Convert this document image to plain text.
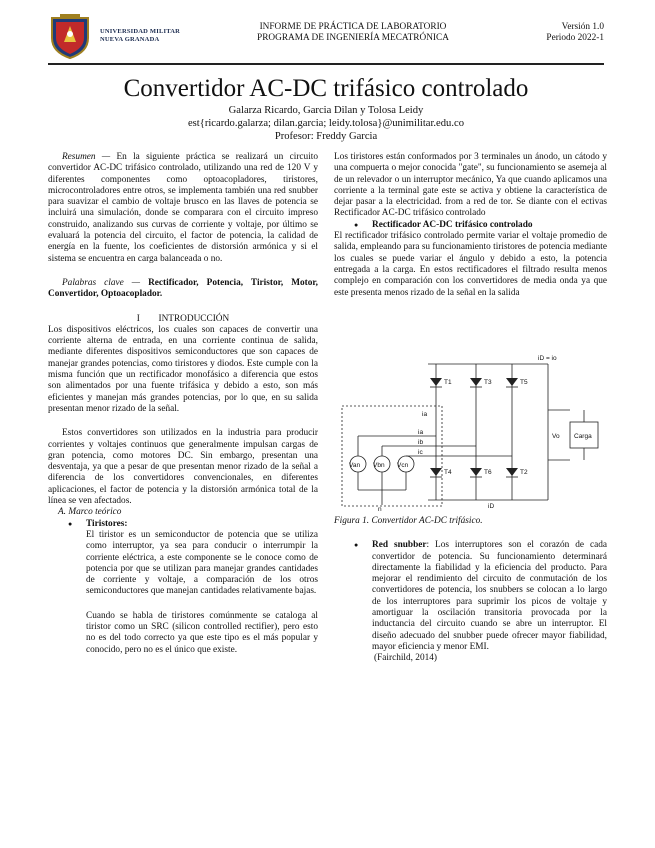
UNIVERSIDAD MILITAR
NUEVA GRANADA
INFORME DE PRÁCTICA DE LABORATORIO
PROGRAMA DE INGENIERÍA MECATRÓNICA
Versión 1.0
Periodo 2022-1
Convertidor AC-DC trifásico controlado
Galarza Ricardo, Garcia Dilan y Tolosa Leidy
est{ricardo.galarza; dilan.garcia; leidy.tolosa}@unimilitar.edu.co
Profesor: Freddy Garcia

Resumen — En la siguiente práctica se realizará un circuito convertidor AC-DC trifásico controlado, utilizando una red de 120 V y diferentes componentes como optoacopladores, tiristores, microcontroladores entre otros, se implementa también una red snubber para suavizar el cambio de voltaje brusco en las llaves de potencia se incluirá una simulación, donde se comparara con el circuito impreso construido, analizando sus curvas de corriente y voltaje, por último se evaluará la potencia del circuito, el factor de potencia, la calidad de energía en la fuente, los coeficientes de distorsión armónica y si el sistema se encuentra en carga balanceada o no.

Palabras clave — Rectificador, Potencia, Tiristor, Motor, Convertidor, Optoacoplador.

I INTRODUCCIÓN

Los dispositivos eléctricos, los cuales son capaces de convertir una corriente alterna de entrada, en una corriente continua de salida, mediante diferentes dispositivos semiconductores que son capaces de manejar grandes potencias, como tiristores y diodos. Este cumple con la misma función que un rectificador monofásico a diferencia que estos son alimentados por una fuente trifásica y debido a esto, son más eficientes y manejan más grandes potencias, por lo que, en su salida presentan menor rizado de la señal.

Estos convertidores son utilizados en la industria para producir corrientes y voltajes continuos que generalmente impulsan cargas de gran potencia, como motores DC. Sin embargo, presentan una desventaja, ya que a pesar de que presentan menor rizado de la señal a diferencia de los convertidores convencionales, en diferentes aplicaciones, el factor de potencia y la distorsión armónica total de la línea se ven afectados.

A. Marco teórico

● Tiristores:

El tiristor es un semiconductor de potencia que se utiliza como interruptor, ya sea para conducir o interrumpir la corriente eléctrica, a este componente se le conoce como de potencia por que se utilizan para manejar grandes cantidades de corriente y voltaje, a comparación de los otros semiconductores que manejan cantidades relativamente bajas.

Cuando se habla de tiristores comúnmente se cataloga al tiristor como un SRC (silicon controlled rectifier), pero esto no es del todo correcto ya que este tipo es el más popular y conocido, pero no es el único que existe.

Los tiristores están conformados por 3 terminales un ánodo, un cátodo y una compuerta o mejor conocida "gate", su funcionamiento se asemeja al de un relevador o un interruptor mecánico, Ya que cuando aplicamos una corriente a la terminal gate este se activa y obtiene la característica de dejar pasar a la electricidad. from a red de tor. Se diante con el ectivas Rectificador AC-DC trifásico controlado

● Rectificador AC-DC trifásico controlado

El rectificador trifásico controlado permite variar el voltaje promedio de salida, empleando para su funcionamiento tiristores de potencia mediante los cuales se puede variar el ángulo y debido a esto, la potencia entregada a la carga. En estos rectificadores el filtrado resulta menos complejo en comparación con los convertidores de media onda ya que este presenta menos rizado de la señal en la salida

T1	T3	T5
T4	T6	T2
Van Vbn Vcn
ia
ib
ic
iD = io
ia
Vo Carga
n	iD

Figura 1. Convertidor AC-DC trifásico.

● Red snubber: Los interruptores son el corazón de cada convertidor de potencia. Su funcionamiento determinará directamente la fiabilidad y la eficiencia del producto. Para mejorar el rendimiento del circuito de conmutación de los convertidores de potencia, los snubbers se colocan a lo largo de los interruptores para suprimir los picos de voltaje y amortiguar la oscilación transitoria provocada por la inductancia del circuito cuando se abre un interruptor. El diseño adecuado del snubber puede ofrecer mayor fiabilidad, mayor eficiencia y menor EMI.

(Fairchild, 2014)
